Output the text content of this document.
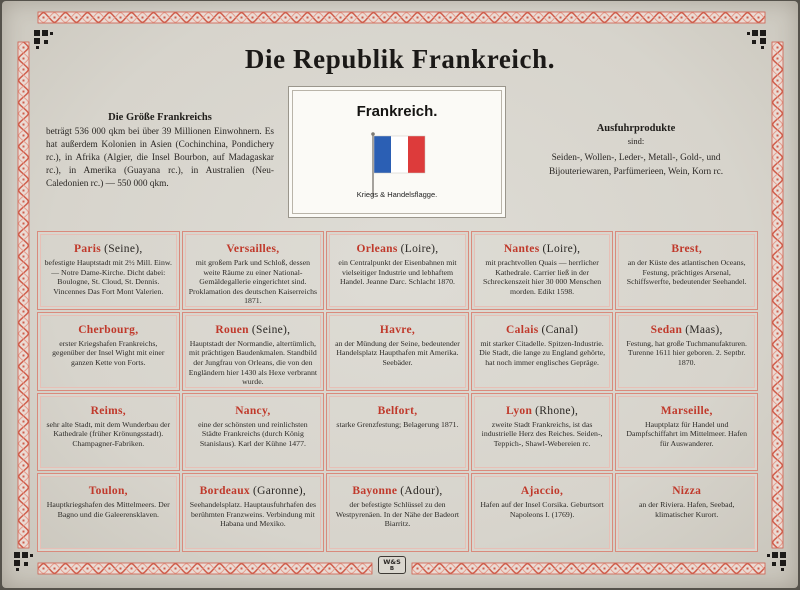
Die Republik Frankreich.
Die Größe Frankreichs
beträgt 536 000 qkm bei über 39 Millionen Einwohnern. Es hat außerdem Kolonien in Asien (Cochinchina, Pondichery rc.), in Afrika (Algier, die Insel Bourbon, auf Madagaskar rc.), in Amerika (Guayana rc.), in Australien (Neu-Caledonien rc.) — 550 000 qkm.
Frankreich.
Kriegs & Handelsflagge.
Ausfuhrprodukte
sind:
Seiden-, Wollen-, Leder-, Metall-, Gold-, und Bijouteriewaren, Parfümerieen, Wein, Korn rc.
Paris (Seine),
befestigte Hauptstadt mit 2½ Mill. Einw. — Notre Dame-Kirche. Dicht dabei: Boulogne, St. Cloud, St. Dennis. Vincennes Das Fort Mont Valerien.
Versailles,
mit großem Park und Schloß, dessen weite Räume zu einer National-Gemäldegallerie eingerichtet sind. Proklamation des deutschen Kaiserreichs 1871.
Orleans (Loire),
ein Centralpunkt der Eisenbahnen mit vielseitiger Industrie und lebhaftem Handel. Jeanne Darc. Schlacht 1870.
Nantes (Loire),
mit prachtvollen Quais — herrlicher Kathedrale. Carrier ließ in der Schreckenszeit hier 30 000 Menschen morden. Edikt 1598.
Brest,
an der Küste des atlantischen Oceans, Festung, prächtiges Arsenal, Schiffswerfte, bedeutender Seehandel.
Cherbourg,
erster Kriegshafen Frankreichs, gegenüber der Insel Wight mit einer ganzen Kette von Forts.
Rouen (Seine),
Hauptstadt der Normandie, altertümlich, mit prächtigen Baudenkmalen. Standbild der Jungfrau von Orleans, die von den Engländern hier 1430 als Hexe verbrannt wurde.
Havre,
an der Mündung der Seine, bedeutender Handelsplatz Haupthafen mit Amerika. Seebäder.
Calais (Canal)
mit starker Citadelle. Spitzen-Industrie. Die Stadt, die lange zu England gehörte, hat noch immer englisches Gepräge.
Sedan (Maas),
Festung, hat große Tuchmanufakturen. Turenne 1611 hier geboren. 2. Septbr. 1870.
Reims,
sehr alte Stadt, mit dem Wunderbau der Kathedrale (früher Krönungsstadt). Champagner-Fabriken.
Nancy,
eine der schönsten und reinlichsten Städte Frankreichs (durch König Stanislaus). Karl der Kühne 1477.
Belfort,
starke Grenzfestung; Belagerung 1871.
Lyon (Rhone),
zweite Stadt Frankreichs, ist das industrielle Herz des Reiches. Seiden-, Teppich-, Shawl-Webereien rc.
Marseille,
Hauptplatz für Handel und Dampfschiffahrt im Mittelmeer. Hafen für Auswanderer.
Toulon,
Hauptkriegshafen des Mittelmeers. Der Bagno und die Galeerensklaven.
Bordeaux (Garonne),
Seehandelsplatz. Hauptausfuhrhafen des berühmten Franzweins. Verbindung mit Habana und Mexiko.
Bayonne (Adour),
der befestigte Schlüssel zu den Westpyrenäen. In der Nähe der Badeort Biarritz.
Ajaccio,
Hafen auf der Insel Corsika. Geburtsort Napoleons I. (1769).
Nizza
an der Riviera. Hafen, Seebad, klimatischer Kurort.
W&S
B
